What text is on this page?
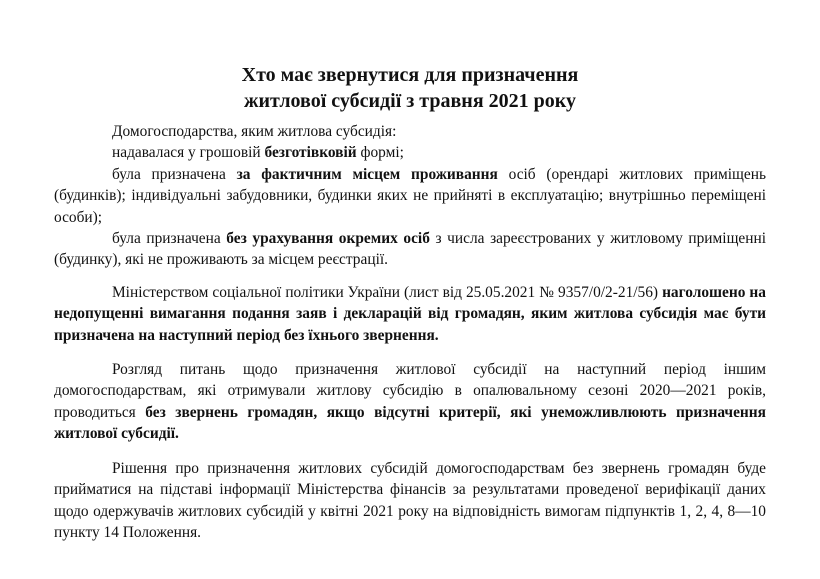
Хто має звернутися для призначення
житлової субсидії з травня 2021 року

Домогосподарства, яким житлова субсидія:

надавалася у грошовій безготівковій формі;

була призначена за фактичним місцем проживання осіб (орендарі житлових приміщень (будинків); індивідуальні забудовники, будинки яких не прийняті в експлуатацію; внутрішньо переміщені особи);

була призначена без урахування окремих осіб з числа зареєстрованих у житловому приміщенні (будинку), які не проживають за місцем реєстрації.

Міністерством соціальної політики України (лист від 25.05.2021 № 9357/0/2-21/56) наголошено на недопущенні вимагання подання заяв і декларацій від громадян, яким житлова субсидія має бути призначена на наступний період без їхнього звернення.

Розгляд питань щодо призначення житлової субсидії на наступний період іншим домогосподарствам, які отримували житлову субсидію в опалювальному сезоні 2020—2021 років, проводиться без звернень громадян, якщо відсутні критерії, які унеможливлюють призначення житлової субсидії.

Рішення про призначення житлових субсидій домогосподарствам без звернень громадян буде прийматися на підставі інформації Міністерства фінансів за результатами проведеної верифікації даних щодо одержувачів житлових субсидій у квітні 2021 року на відповідність вимогам підпунктів 1, 2, 4, 8—10 пункту 14 Положення.
